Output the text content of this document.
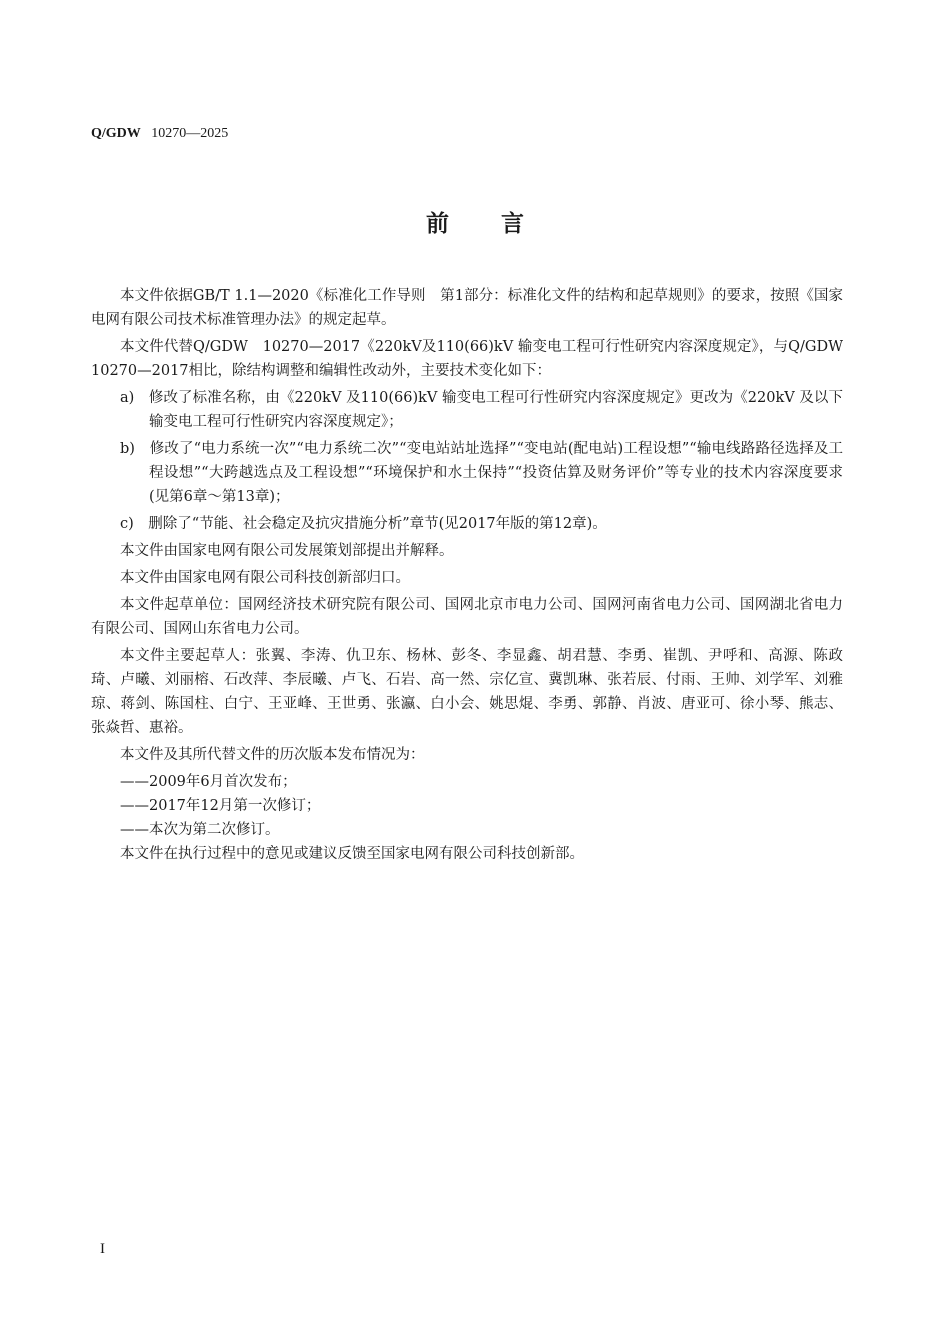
Q/GDW 10270—2025
前言

本文件依据GB/T 1.1—2020《标准化工作导则　第1部分：标准化文件的结构和起草规则》的要求，按照《国家电网有限公司技术标准管理办法》的规定起草。

本文件代替Q/GDW　10270—2017《220kV及110(66)kV 输变电工程可行性研究内容深度规定》，与Q/GDW 10270—2017相比，除结构调整和编辑性改动外，主要技术变化如下：

a)　修改了标准名称，由《220kV 及110(66)kV 输变电工程可行性研究内容深度规定》更改为《220kV 及以下输变电工程可行性研究内容深度规定》；

b)　修改了“电力系统一次”“电力系统二次”“变电站站址选择”“变电站(配电站)工程设想”“输电线路路径选择及工程设想”“大跨越选点及工程设想”“环境保护和水土保持”“投资估算及财务评价”等专业的技术内容深度要求(见第6章～第13章)；

c)　删除了“节能、社会稳定及抗灾措施分析”章节(见2017年版的第12章)。

本文件由国家电网有限公司发展策划部提出并解释。

本文件由国家电网有限公司科技创新部归口。

本文件起草单位：国网经济技术研究院有限公司、国网北京市电力公司、国网河南省电力公司、国网湖北省电力有限公司、国网山东省电力公司。

本文件主要起草人：张翼、李涛、仇卫东、杨林、彭冬、李显鑫、胡君慧、李勇、崔凯、尹呼和、高源、陈政琦、卢曦、刘丽榕、石改萍、李辰曦、卢飞、石岩、高一然、宗亿宣、冀凯琳、张若辰、付雨、王帅、刘学军、刘雅琼、蒋剑、陈国柱、白宁、王亚峰、王世勇、张瀛、白小会、姚思焜、李勇、郭静、肖波、唐亚可、徐小琴、熊志、张焱哲、惠裕。

本文件及其所代替文件的历次版本发布情况为：

——2009年6月首次发布；

——2017年12月第一次修订；

——本次为第二次修订。

本文件在执行过程中的意见或建议反馈至国家电网有限公司科技创新部。

I
